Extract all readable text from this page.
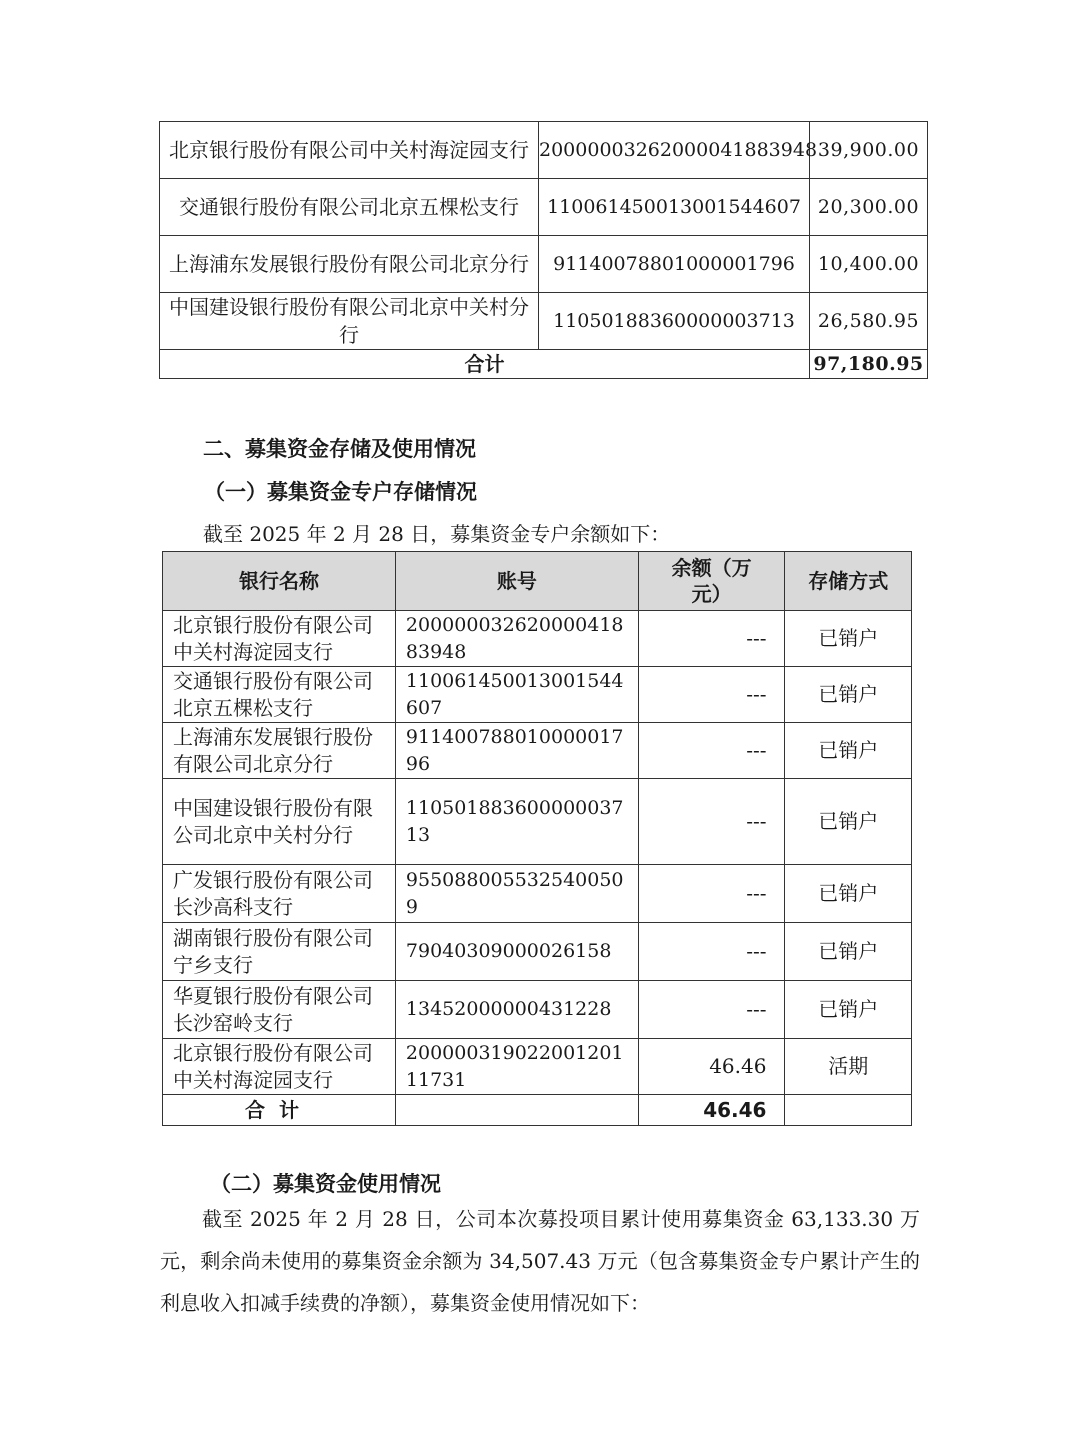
北京银行股份有限公司中关村海淀园支行	20000003262000041883948	39,900.00
交通银行股份有限公司北京五棵松支行	110061450013001544607	20,300.00
上海浦东发展银行股份有限公司北京分行	91140078801000001796	10,400.00
中国建设银行股份有限公司北京中关村分行	11050188360000003713	26,580.95
合计		97,180.95
二、募集资金存储及使用情况
（一）募集资金专户存储情况
截至 2025 年 2 月 28 日，募集资金专户余额如下：
银行名称	账号	余额（万元）	存储方式
北京银行股份有限公司中关村海淀园支行	20000003262000041883948	---	已销户
交通银行股份有限公司北京五棵松支行	110061450013001544607	---	已销户
上海浦东发展银行股份有限公司北京分行	91140078801000001796	---	已销户
中国建设银行股份有限公司北京中关村分行	11050188360000003713	---	已销户
广发银行股份有限公司长沙高科支行	9550880055325400509	---	已销户
湖南银行股份有限公司宁乡支行	79040309000026158	---	已销户
华夏银行股份有限公司长沙窑岭支行	13452000000431228	---	已销户
北京银行股份有限公司中关村海淀园支行	20000031902200120111731	46.46	活期
合计		46.46	
（二）募集资金使用情况
截至 2025 年 2 月 28 日，公司本次募投项目累计使用募集资金 63,133.30 万元，剩余尚未使用的募集资金余额为 34,507.43 万元（包含募集资金专户累计产生的利息收入扣减手续费的净额），募集资金使用情况如下：
